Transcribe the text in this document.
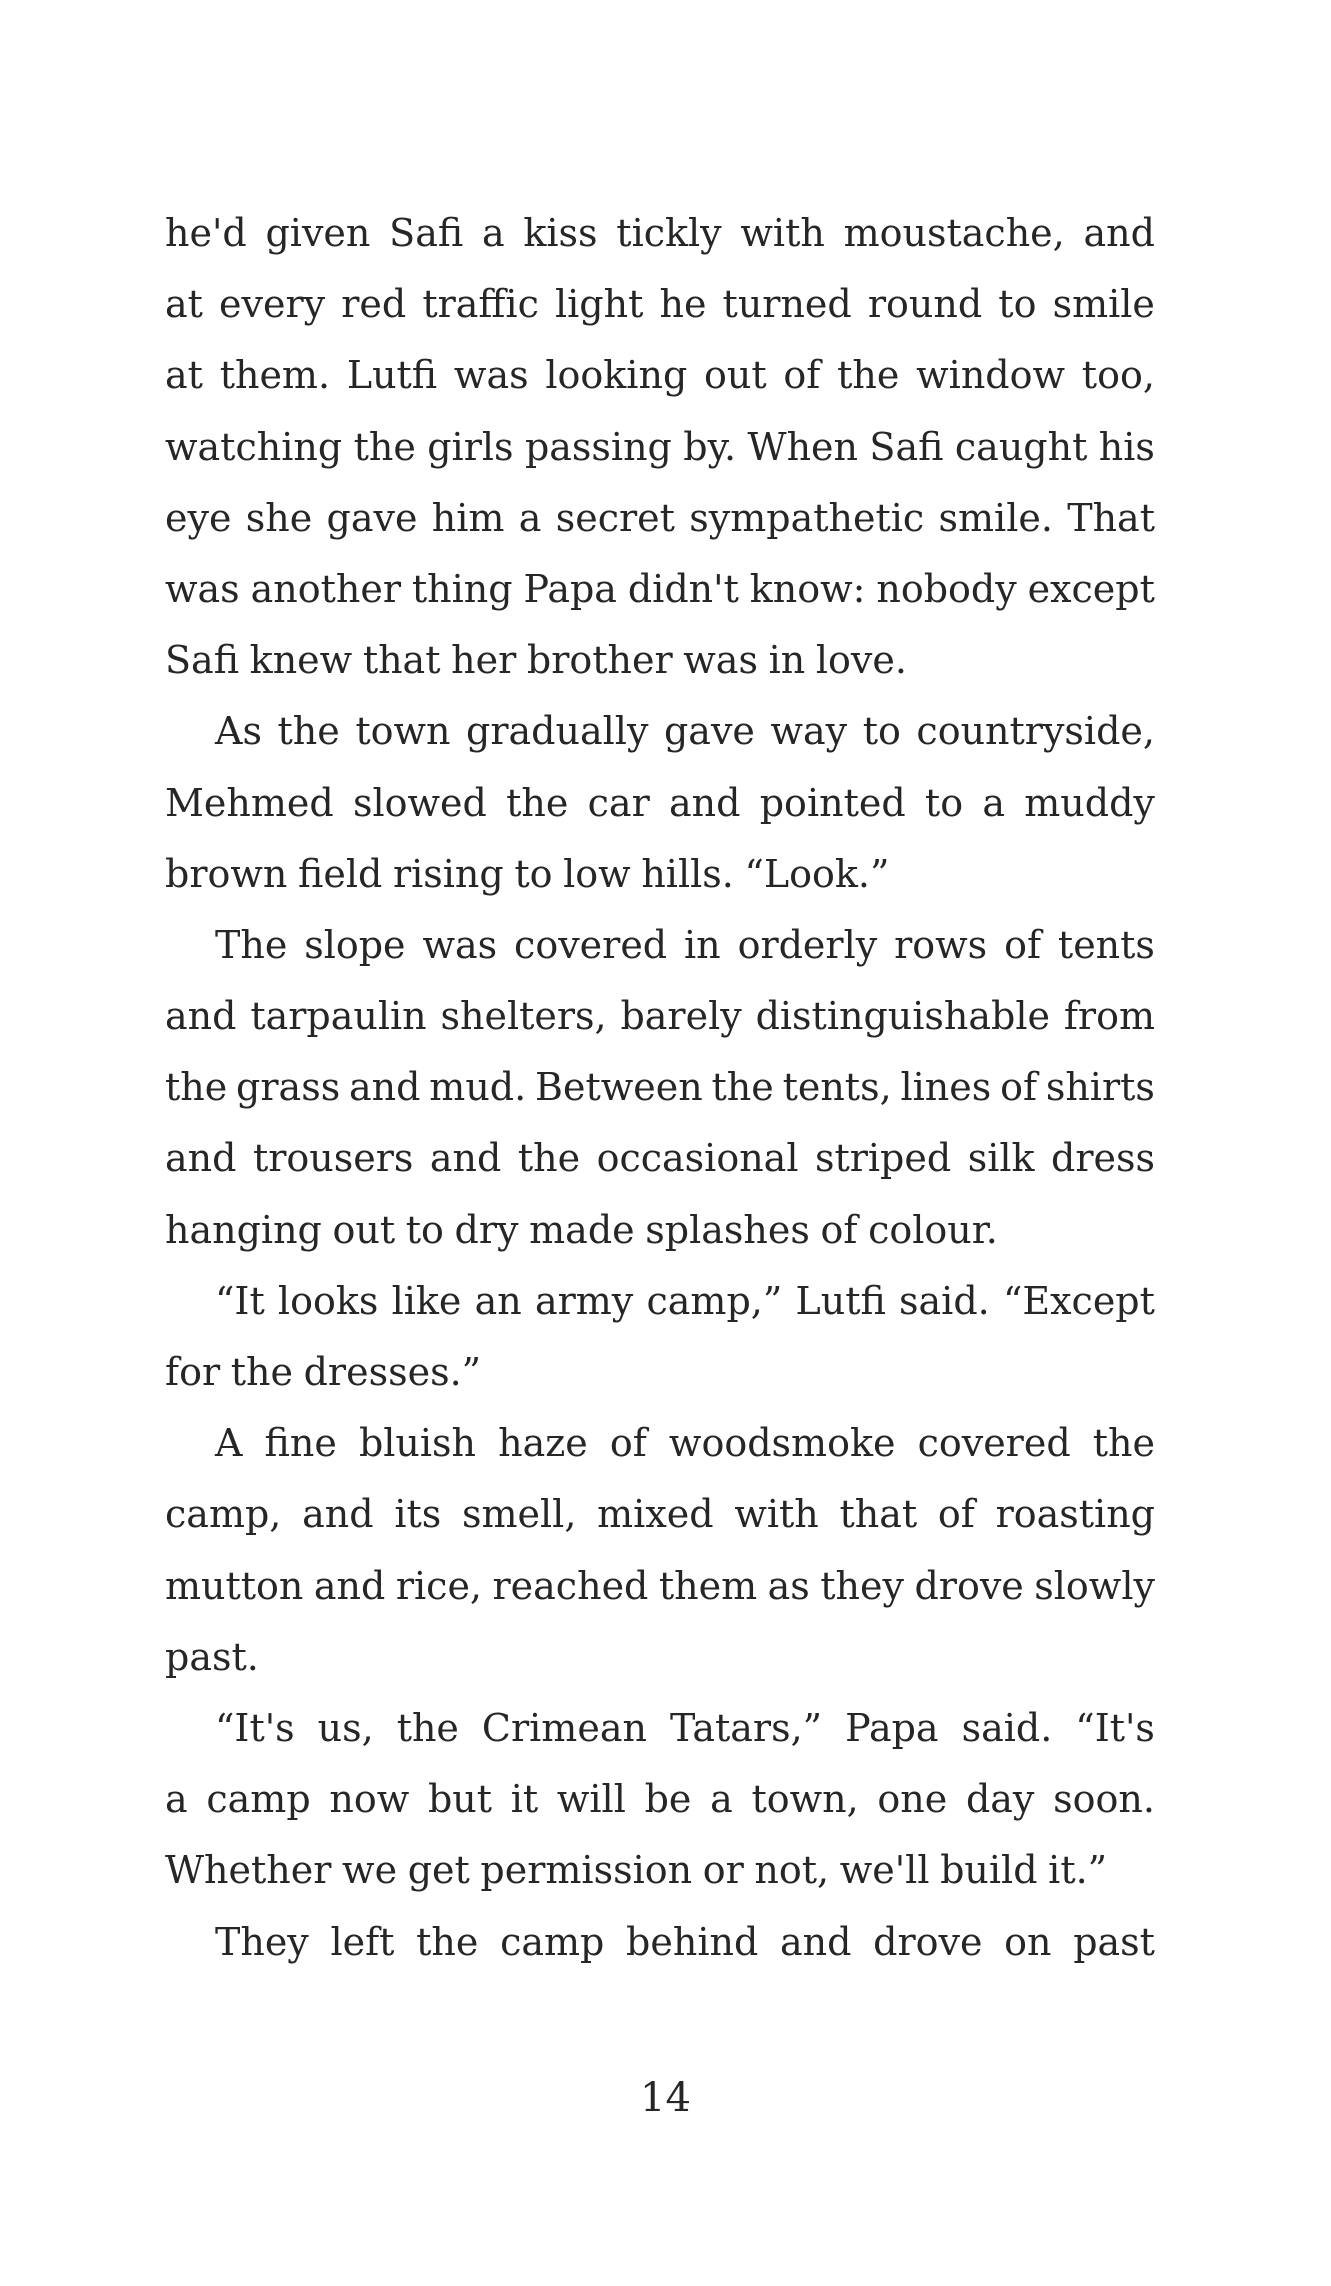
he'd given Safi a kiss tickly with moustache, and
at every red traffic light he turned round to smile
at them. Lutfi was looking out of the window too,
watching the girls passing by. When Safi caught his
eye she gave him a secret sympathetic smile. That
was another thing Papa didn't know: nobody except
Safi knew that her brother was in love.
As the town gradually gave way to countryside,
Mehmed slowed the car and pointed to a muddy
brown field rising to low hills. “Look.”
The slope was covered in orderly rows of tents
and tarpaulin shelters, barely distinguishable from
the grass and mud. Between the tents, lines of shirts
and trousers and the occasional striped silk dress
hanging out to dry made splashes of colour.
“It looks like an army camp,” Lutfi said. “Except
for the dresses.”
A fine bluish haze of woodsmoke covered the
camp, and its smell, mixed with that of roasting
mutton and rice, reached them as they drove slowly
past.
“It's us, the Crimean Tatars,” Papa said. “It's
a camp now but it will be a town, one day soon.
Whether we get permission or not, we'll build it.”
They left the camp behind and drove on past
14
